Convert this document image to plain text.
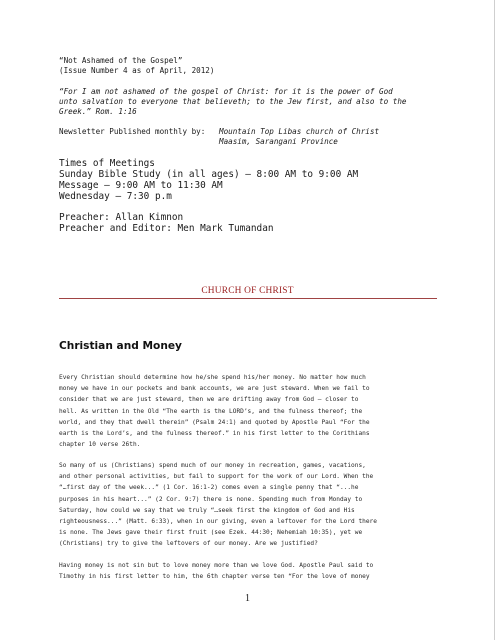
“Not Ashamed of the Gospel”
(Issue Number 4 as of April, 2012)
“For I am not ashamed of the gospel of Christ: for it is the power of God
unto salvation to everyone that believeth; to the Jew first, and also to the
Greek.” Rom. 1:16
Newsletter Published monthly by: Mountain Top Libas church of Christ
Maasim, Sarangani Province
Times of Meetings
Sunday Bible Study (in all ages) – 8:00 AM to 9:00 AM
Message – 9:00 AM to 11:30 AM
Wednesday – 7:30 p.m
Preacher: Allan Kimnon
Preacher and Editor: Men Mark Tumandan
CHURCH OF CHRIST
Christian and Money
Every Christian should determine how he/she spend his/her money. No matter how much
money we have in our pockets and bank accounts, we are just steward. When we fail to
consider that we are just steward, then we are drifting away from God – closer to
hell. As written in the Old “The earth is the LORD’s, and the fulness thereof; the
world, and they that dwell therein” (Psalm 24:1) and quoted by Apostle Paul “For the
earth is the Lord’s, and the fulness thereof.” in his first letter to the Corithians
chapter 10 verse 26th.
So many of us (Christians) spend much of our money in recreation, games, vacations,
and other personal activities, but fail to support for the work of our Lord. When the
“…first day of the week...” (1 Cor. 16:1-2) comes even a single penny that “...he
purposes in his heart...” (2 Cor. 9:7) there is none. Spending much from Monday to
Saturday, how could we say that we truly “…seek first the kingdom of God and His
righteousness...” (Matt. 6:33), when in our giving, even a leftover for the Lord there
is none. The Jews gave their first fruit (see Ezek. 44:30; Nehemiah 10:35), yet we
(Christians) try to give the leftovers of our money. Are we justified?
Having money is not sin but to love money more than we love God. Apostle Paul said to
Timothy in his first letter to him, the 6th chapter verse ten “For the love of money
1
